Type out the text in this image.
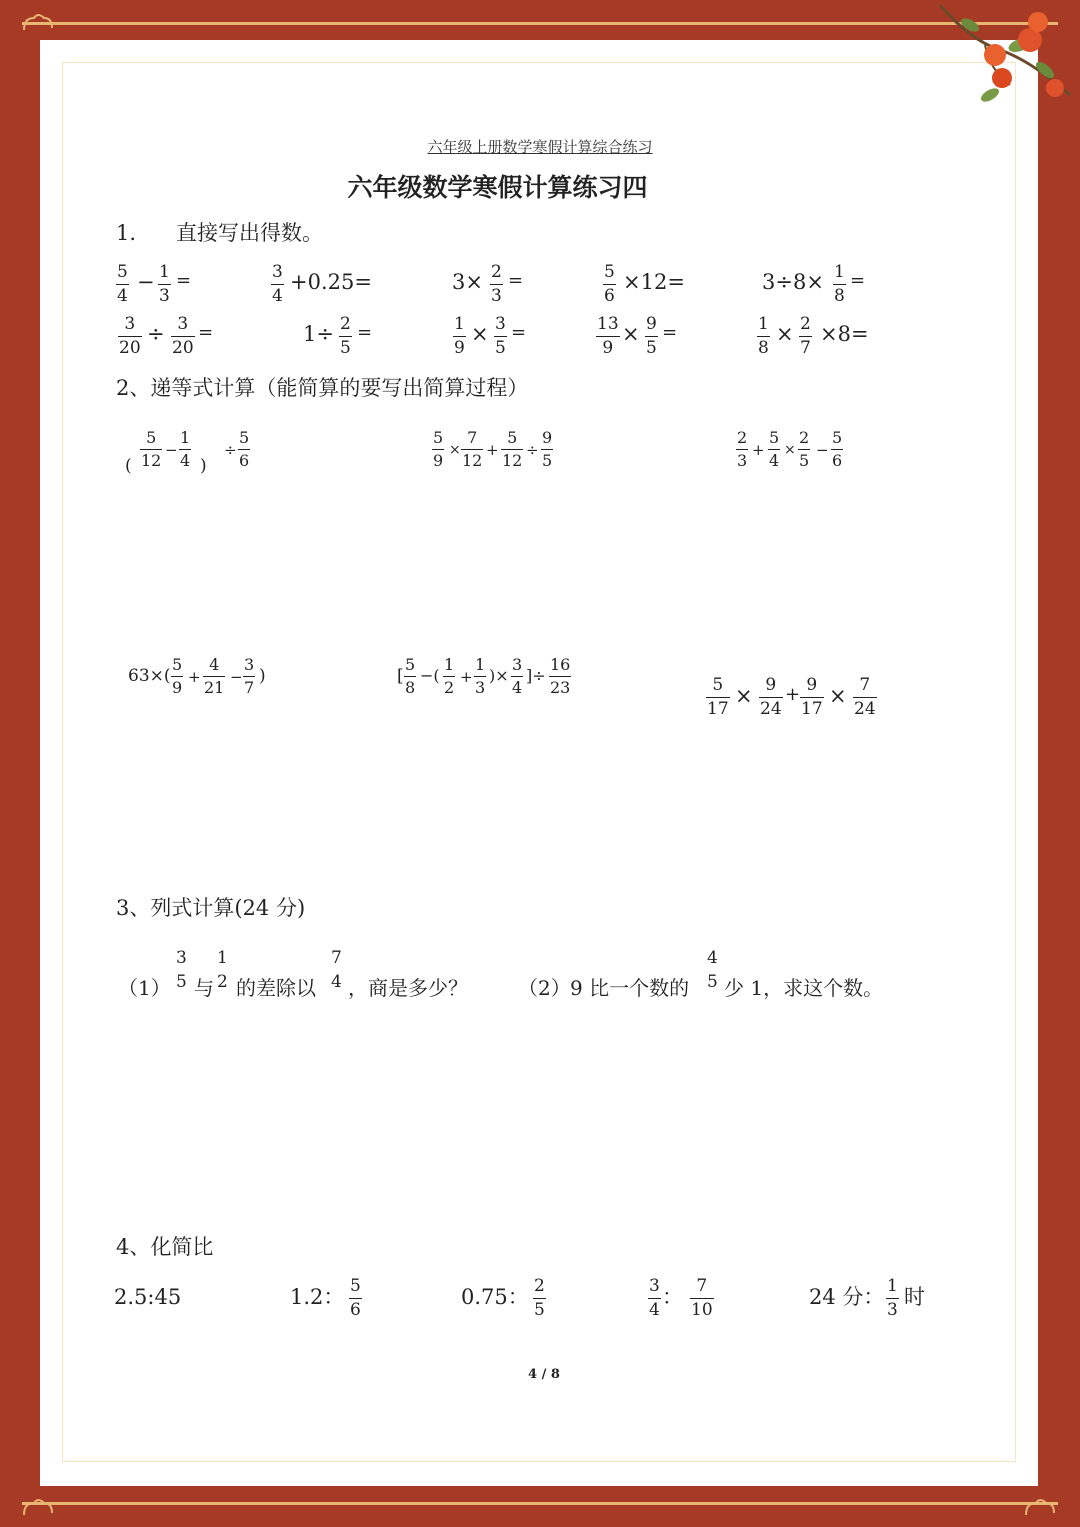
六年级上册数学寒假计算综合练习
六年级数学寒假计算练习四
1. 直接写出得数。
5
4
− 1
3
=	3
4
+0.25=	3× 2
3
=	5
6
×12=	3÷8× 1
8
=
3
20
÷ 3
20
=	1÷ 2
5
=	1
9
× 3
5
=	13
9
× 9
5
=	1
8
× 2
7
×8=
2、递等式计算（能简算的要写出简算过程）
(
5
12
−
1
4 )
÷
5
6
5
9
×
7
12
+
5
12
÷
9
5
2
3
+
5
4
×
2
5
−
5
6
63×(
5
9
+
4
21
−
3
7
)	[
5
8
−(
1
2
+
1
3
)×
3
4
]÷
16
23	5
17
× 9
24
+ 9
17
× 7
24
3、列式计算(24 分)
（1）
3
5 与
1
2 的差除以
7
4 ，商是多少？	（2） 9 比一个数的
4
5 少 1，求这个数。
4、化简比
2.5:45	1.2： 5
6
0.75： 2
5
3
4
： 7
10
24 分： 1
3
时
4 / 8
